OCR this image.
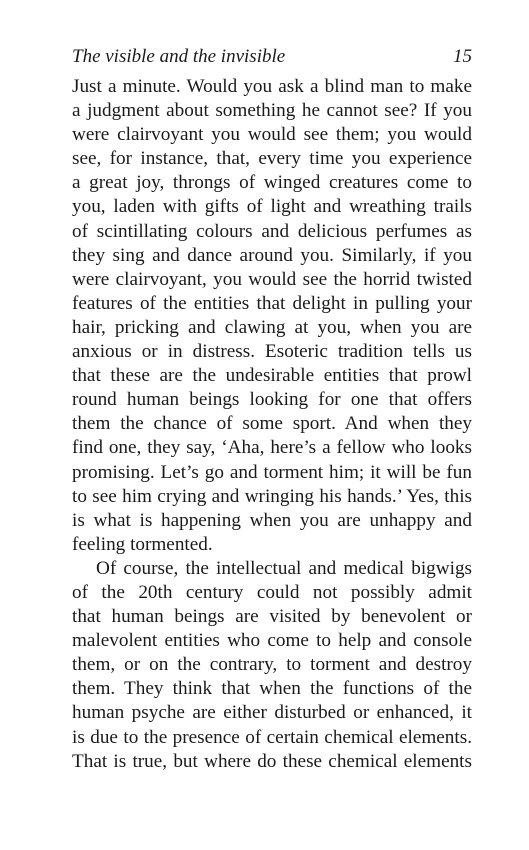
The visible and the invisible	15
Just a minute. Would you ask a blind man to make
a judgment about something he cannot see? If you
were clairvoyant you would see them; you would
see, for instance, that, every time you experience
a great joy, throngs of winged creatures come to
you, laden with gifts of light and wreathing trails
of scintillating colours and delicious perfumes as
they sing and dance around you. Similarly, if you
were clairvoyant, you would see the horrid twisted
features of the entities that delight in pulling your
hair, pricking and clawing at you, when you are
anxious or in distress. Esoteric tradition tells us
that these are the undesirable entities that prowl
round human beings looking for one that offers
them the chance of some sport. And when they
find one, they say, ‘Aha, here’s a fellow who looks
promising. Let’s go and torment him; it will be fun
to see him crying and wringing his hands.’ Yes, this
is what is happening when you are unhappy and
feeling tormented.
Of course, the intellectual and medical bigwigs
of the 20th century could not possibly admit
that human beings are visited by benevolent or
malevolent entities who come to help and console
them, or on the contrary, to torment and destroy
them. They think that when the functions of the
human psyche are either disturbed or enhanced, it
is due to the presence of certain chemical elements.
That is true, but where do these chemical elements
